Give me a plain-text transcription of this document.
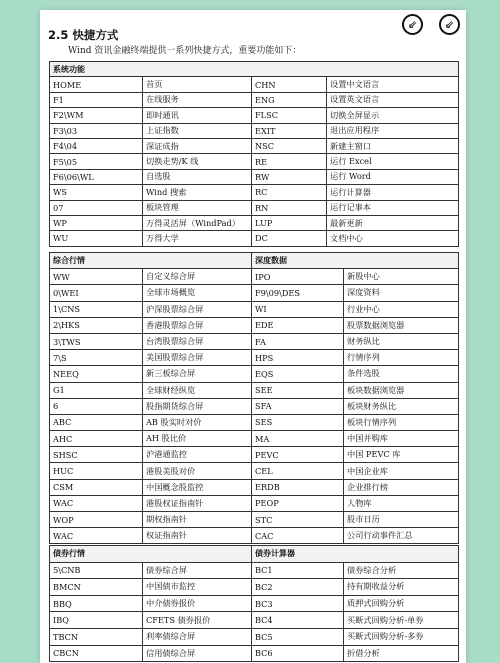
⇙	⇙
2.5 快捷方式
Wind 资讯金融终端提供一系列快捷方式，重要功能如下：
系统功能			
HOME	首页	CHN	设置中文语言
F1	在线服务	ENG	设置英文语言
F2\WM	即时通讯	FLSC	切换全屏显示
F3\03	上证指数	EXIT	退出应用程序
F4\04	深证成指	NSC	新建主窗口
F5\05	切换走势/K 线	RE	运行 Excel
F6\06\WL	自选股	RW	运行 Word
WS	Wind 搜索	RC	运行计算器
07	板块管理	RN	运行记事本
WP	万得灵活屏（WindPad）	LUP	最新更新
WU	万得大学	DC	文档中心
综合行情		深度数据	
WW	自定义综合屏	IPO	新股中心
0\WEI	全球市场概览	F9\09\DES	深度资料
1\CNS	沪深股票综合屏	WI	行业中心
2\HKS	香港股票综合屏	EDE	股票数据浏览器
3\TWS	台湾股票综合屏	FA	财务纵比
7\S	美国股票综合屏	HPS	行情序列
NEEQ	新三板综合屏	EQS	条件选股
G1	全球财经纵览	SEE	板块数据浏览器
6	股指期货综合屏	SFA	板块财务纵比
ABC	AB 股实时对价	SES	板块行情序列
AHC	AH 股比价	MA	中国并购库
SHSC	沪港通监控	PEVC	中国 PEVC 库
HUC	港股美股对价	CEL	中国企业库
CSM	中国概念股监控	ERDB	企业排行榜
WAC	港股权证指南针	PEOP	人物库
WOP	期权指南针	STC	股市日历
WAC	权证指南针	CAC	公司行动事件汇总
债券行情		债券计算器	
5\CNB	债券综合屏	BC1	债券综合分析
BMCN	中国债市监控	BC2	持有期收益分析
BBQ	中介债券报价	BC3	质押式回购分析
IBQ	CFETS 债券报价	BC4	买断式回购分析-单券
TBCN	利率债综合屏	BC5	买断式回购分析-多券
CBCN	信用债综合屏	BC6	折借分析
